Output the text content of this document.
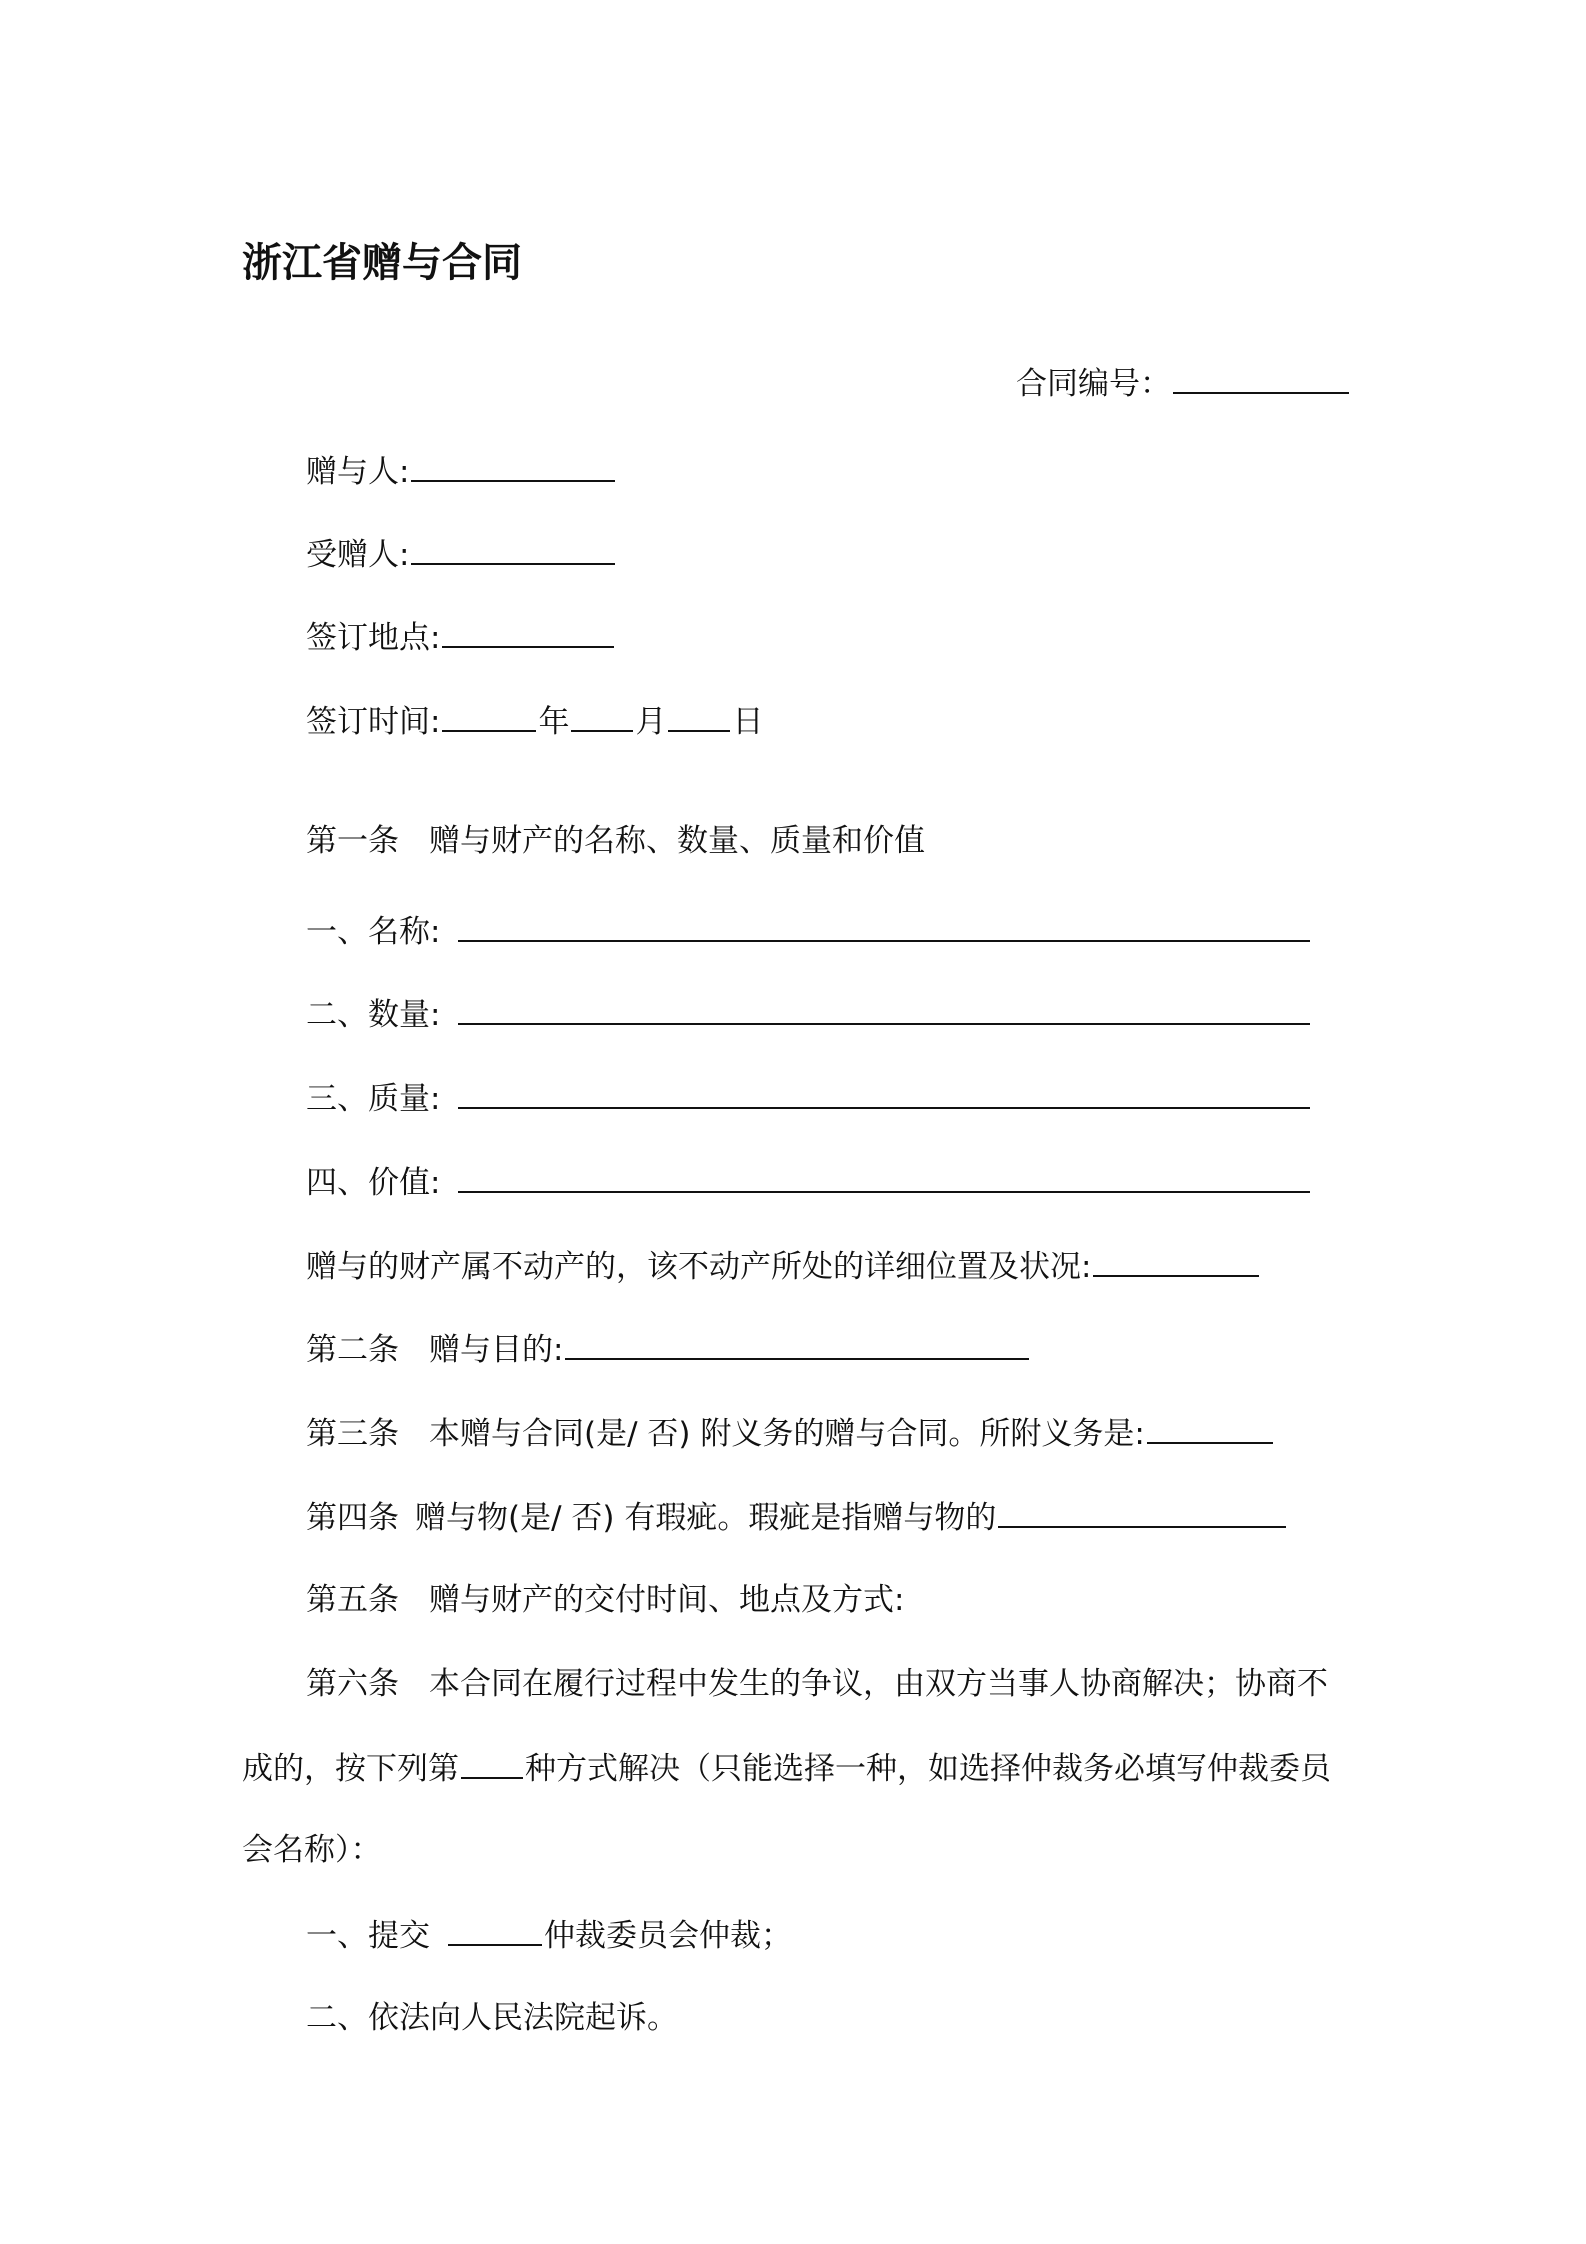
浙江省赠与合同
合同编号：
赠与人:
受赠人:
签订地点:
签订时间:	年 月 日
第一条 赠与财产的名称、数量、质量和价值
一、名称:
二、数量:
三、质量:
四、价值:
赠与的财产属不动产的，该不动产所处的详细位置及状况:
第二条 赠与目的:
第三条 本赠与合同(是/ 否) 附义务的赠与合同。所附义务是:
第四条 赠与物(是/ 否) 有瑕疵。瑕疵是指赠与物的
第五条 赠与财产的交付时间、地点及方式:
第六条 本合同在履行过程中发生的争议，由双方当事人协商解决；协商不
成的，按下列第 种方式解决（只能选择一种，如选择仲裁务必填写仲裁委员
会名称）：
一、提交	仲裁委员会仲裁；
二、依法向人民法院起诉。
